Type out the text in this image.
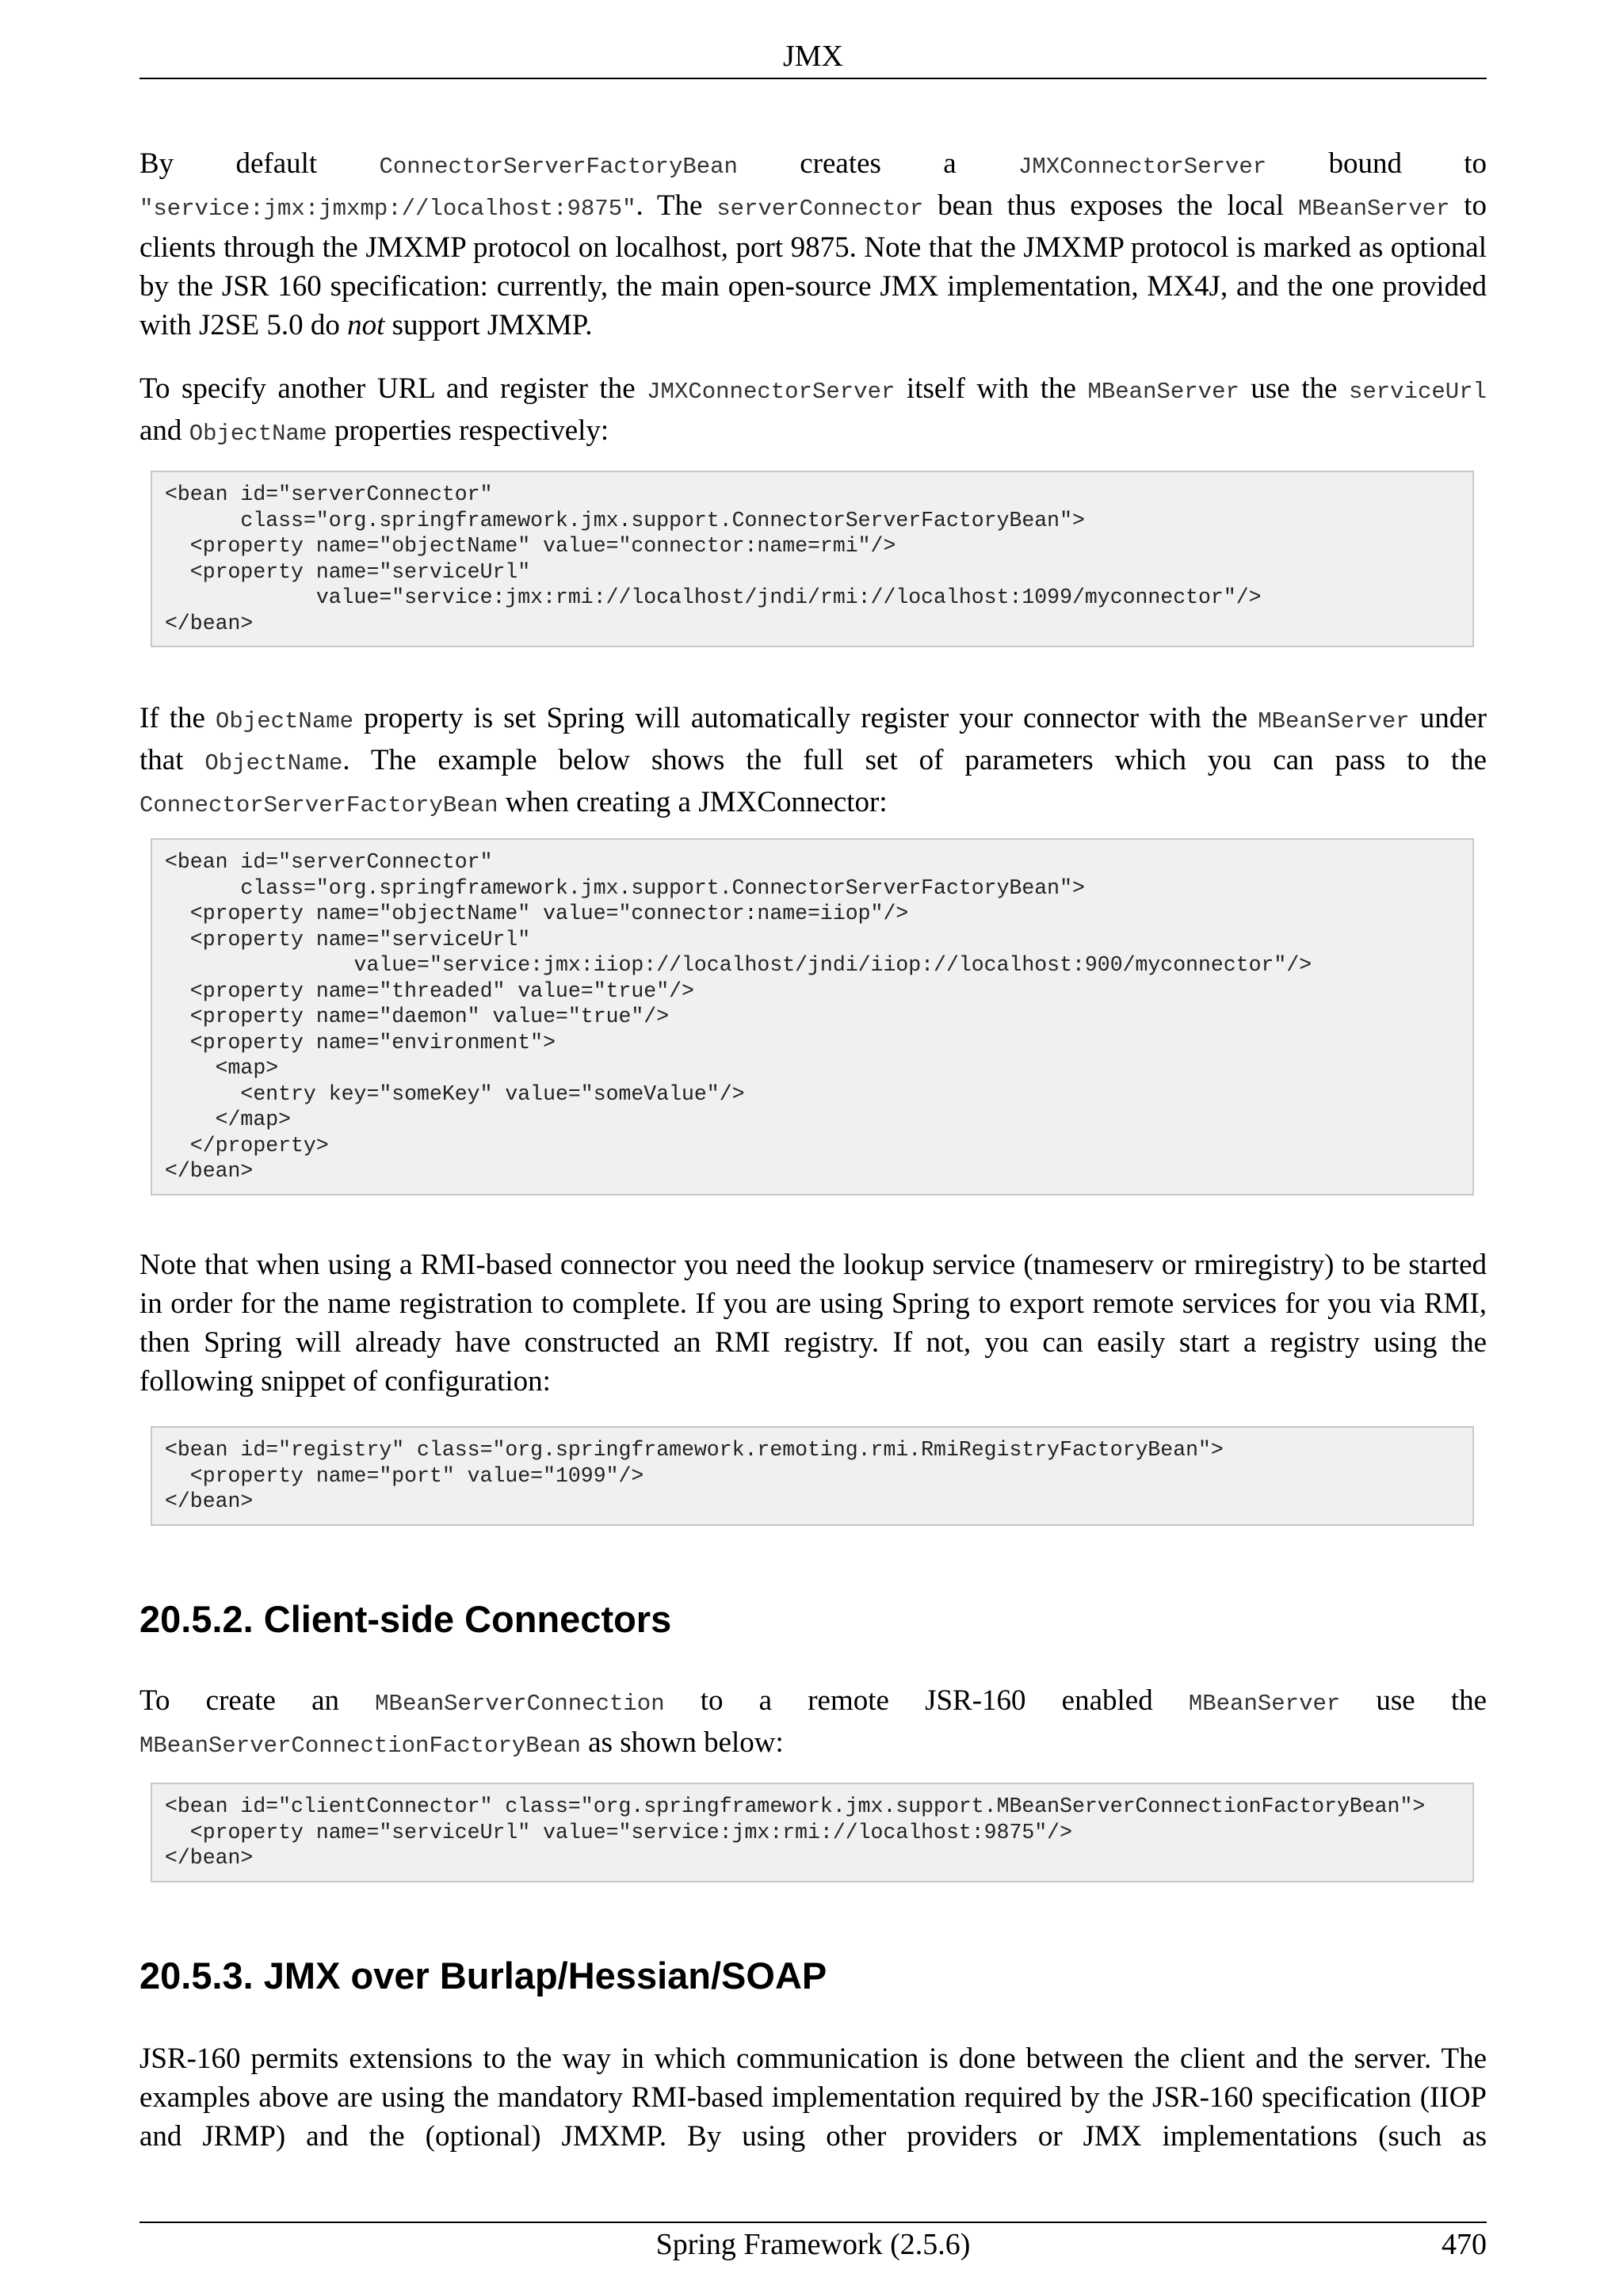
JMX
By default	ConnectorServerFactoryBean creates a	JMXConnectorServer bound to
"service:jmx:jmxmp://localhost:9875". The serverConnector bean thus exposes the local MBeanServer to
clients through the JMXMP protocol on localhost, port 9875. Note that the JMXMP protocol is marked as optional by the JSR 160 specification: currently, the main open-source JMX implementation, MX4J, and the one provided with J2SE 5.0 do not support JMXMP.
To specify another URL and register the JMXConnectorServer itself with the MBeanServer use the serviceUrl
and ObjectName properties respectively:
<bean id="serverConnector"
class="org.springframework.jmx.support.ConnectorServerFactoryBean">
<property name="objectName" value="connector:name=rmi"/>
<property name="serviceUrl"
value="service:jmx:rmi://localhost/jndi/rmi://localhost:1099/myconnector"/>
</bean>
If the ObjectName property is set Spring will automatically register your connector with the MBeanServer under
that ObjectName. The example below shows the full set of parameters which you can pass to the
ConnectorServerFactoryBean when creating a JMXConnector:
<bean id="serverConnector"
class="org.springframework.jmx.support.ConnectorServerFactoryBean">
<property name="objectName" value="connector:name=iiop"/>
<property name="serviceUrl"
value="service:jmx:iiop://localhost/jndi/iiop://localhost:900/myconnector"/>
<property name="threaded" value="true"/>
<property name="daemon" value="true"/>
<property name="environment">
<map>
<entry key="someKey" value="someValue"/>
</map>
</property>
</bean>
Note that when using a RMI-based connector you need the lookup service (tnameserv or rmiregistry) to be started in order for the name registration to complete. If you are using Spring to export remote services for you via RMI, then Spring will already have constructed an RMI registry. If not, you can easily start a registry using the following snippet of configuration:
<bean id="registry" class="org.springframework.remoting.rmi.RmiRegistryFactoryBean">
<property name="port" value="1099"/>
</bean>
20.5.2. Client-side Connectors
To create an MBeanServerConnection to a remote JSR-160 enabled MBeanServer use the
MBeanServerConnectionFactoryBean as shown below:
<bean id="clientConnector" class="org.springframework.jmx.support.MBeanServerConnectionFactoryBean">
<property name="serviceUrl" value="service:jmx:rmi://localhost:9875"/>
</bean>
20.5.3. JMX over Burlap/Hessian/SOAP
JSR-160 permits extensions to the way in which communication is done between the client and the server. The examples above are using the mandatory RMI-based implementation required by the JSR-160 specification (IIOP and JRMP) and the (optional) JMXMP. By using other providers or JMX implementations (such as
Spring Framework (2.5.6)	470
